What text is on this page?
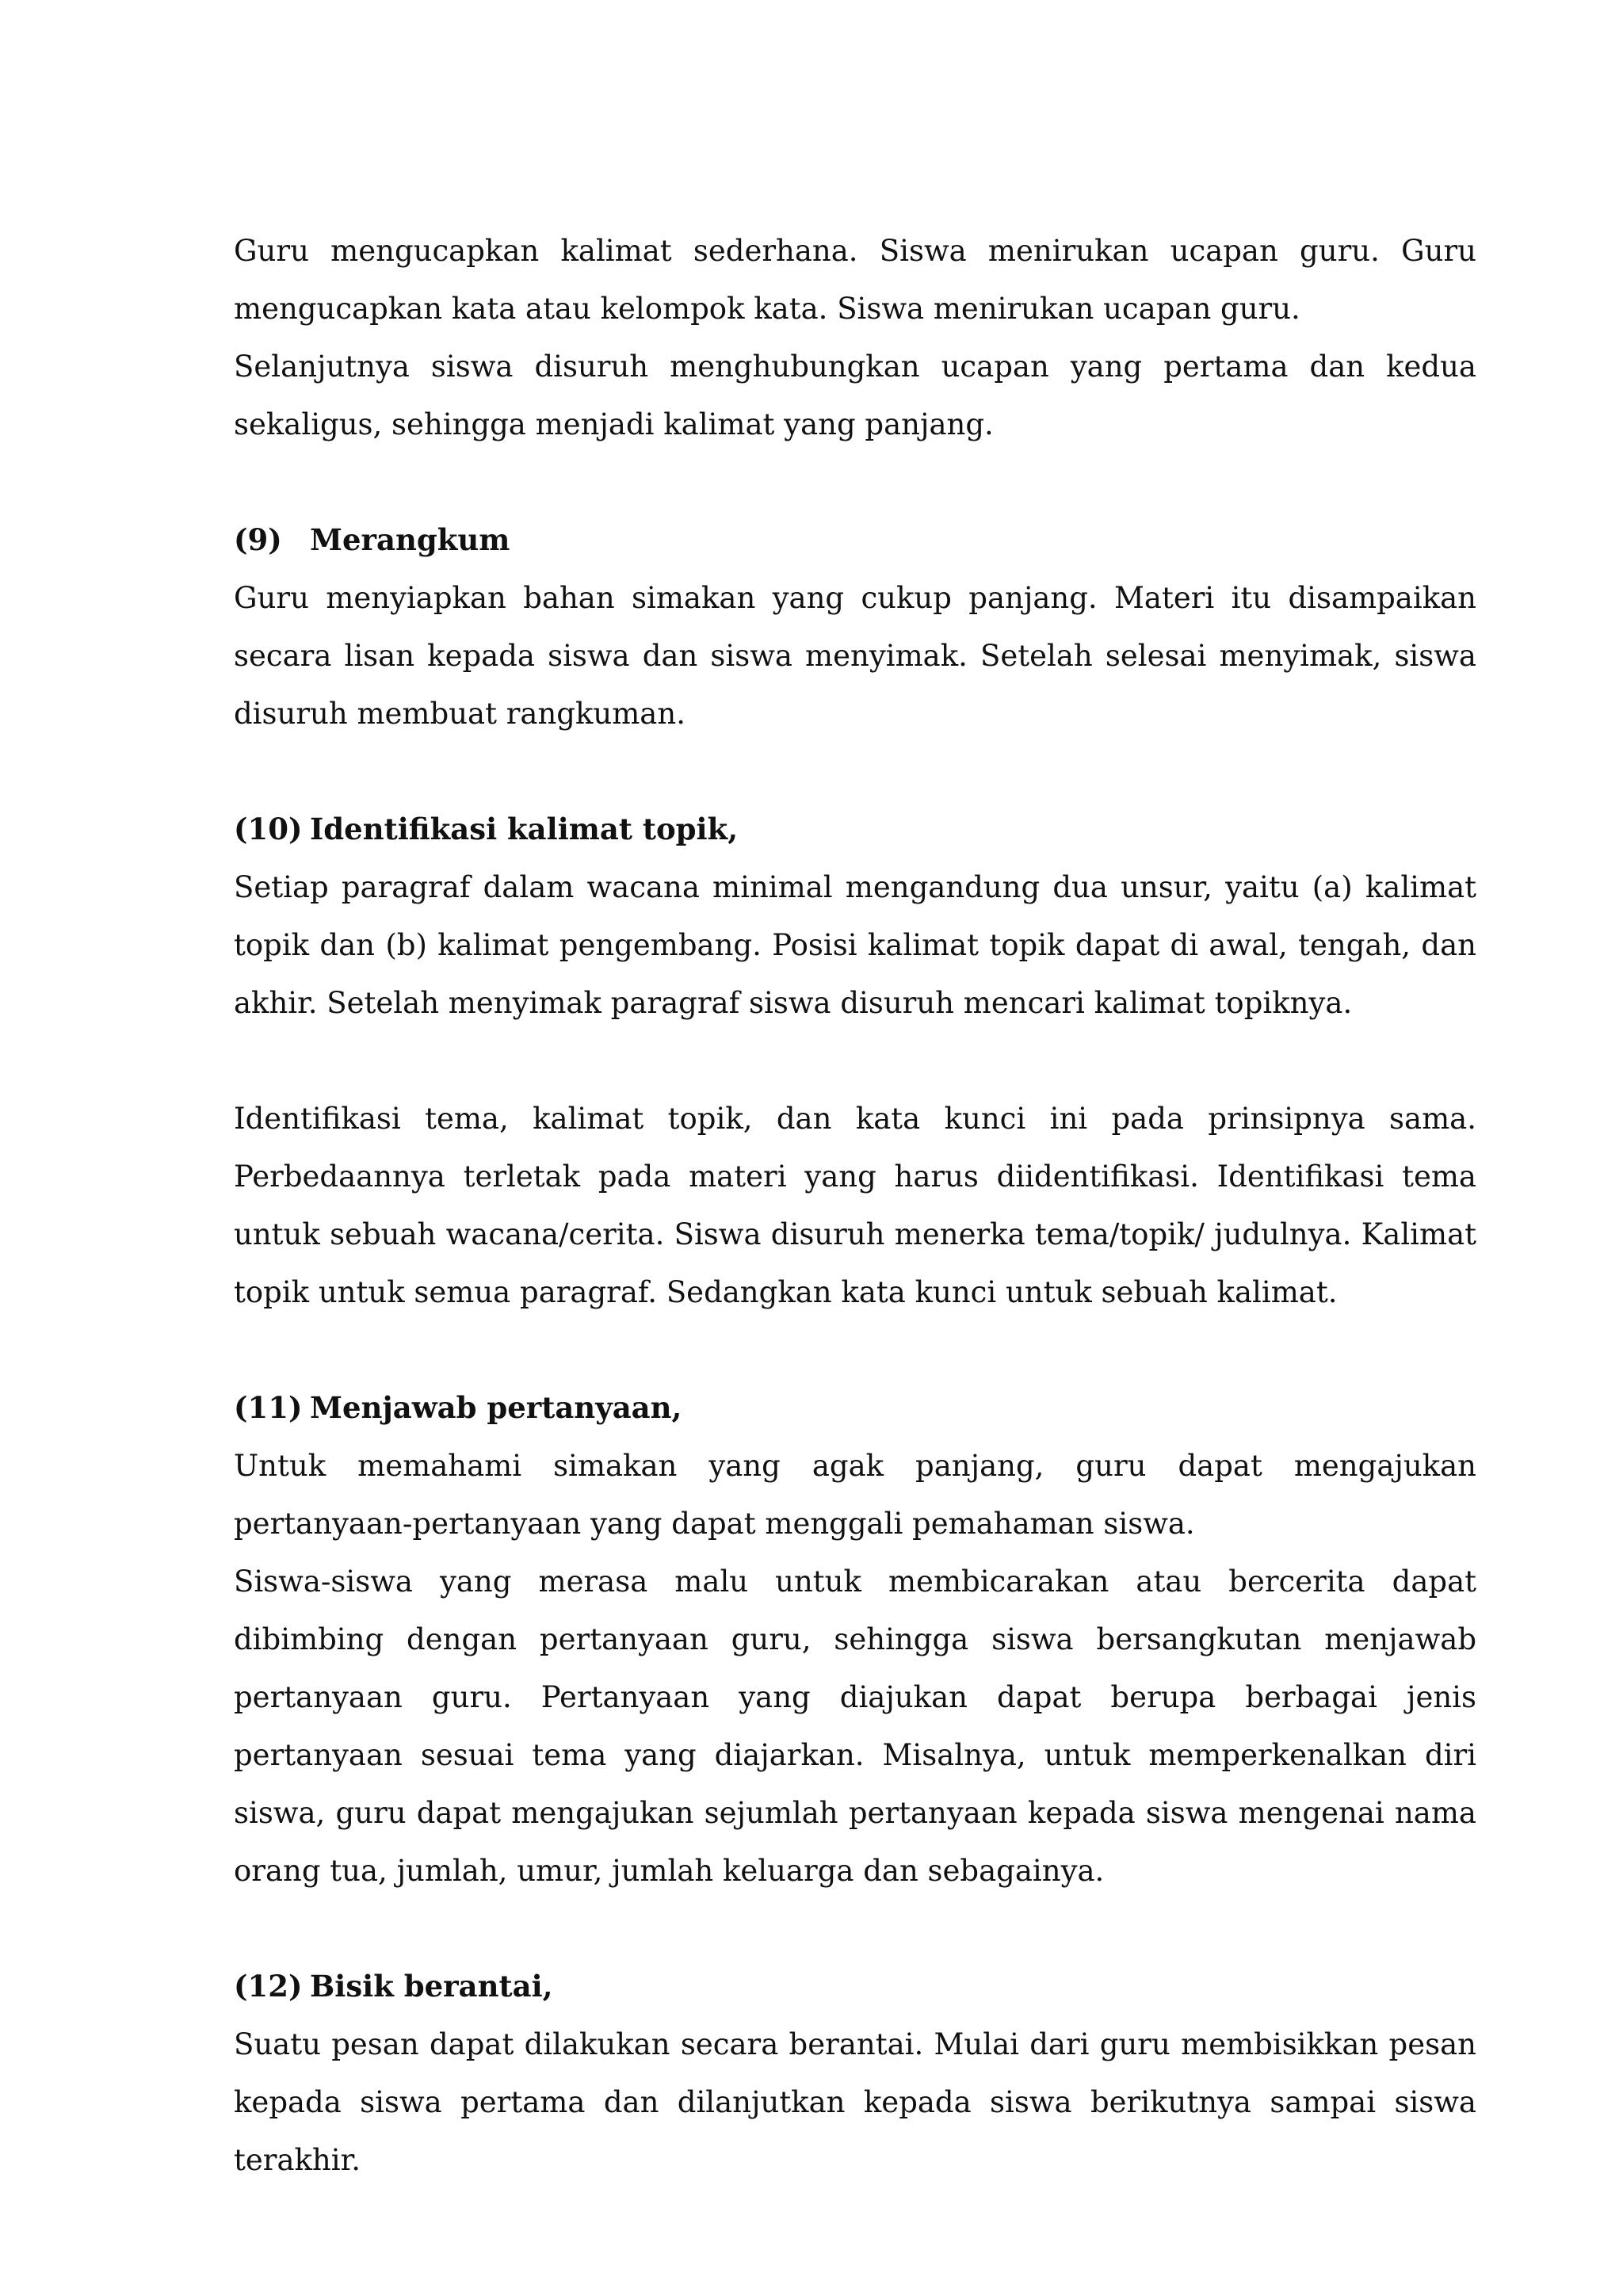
Guru mengucapkan kalimat sederhana. Siswa menirukan ucapan guru. Guru mengucapkan kata atau kelompok kata. Siswa menirukan ucapan guru.

Selanjutnya siswa disuruh menghubungkan ucapan yang pertama dan kedua sekaligus, sehingga menjadi kalimat yang panjang.

(9) Merangkum

Guru menyiapkan bahan simakan yang cukup panjang. Materi itu disampaikan secara lisan kepada siswa dan siswa menyimak. Setelah selesai menyimak, siswa disuruh membuat rangkuman.

(10) Identifikasi kalimat topik,

Setiap paragraf dalam wacana minimal mengandung dua unsur, yaitu (a) kalimat topik dan (b) kalimat pengembang. Posisi kalimat topik dapat di awal, tengah, dan akhir. Setelah menyimak paragraf siswa disuruh mencari kalimat topiknya.

Identifikasi tema, kalimat topik, dan kata kunci ini pada prinsipnya sama. Perbedaannya terletak pada materi yang harus diidentifikasi. Identifikasi tema untuk sebuah wacana/cerita. Siswa disuruh menerka tema/topik/ judulnya. Kalimat topik untuk semua paragraf. Sedangkan kata kunci untuk sebuah kalimat.

(11) Menjawab pertanyaan,

Untuk memahami simakan yang agak panjang, guru dapat mengajukan pertanyaan-pertanyaan yang dapat menggali pemahaman siswa.

Siswa-siswa yang merasa malu untuk membicarakan atau bercerita dapat dibimbing dengan pertanyaan guru, sehingga siswa bersangkutan menjawab pertanyaan guru. Pertanyaan yang diajukan dapat berupa berbagai jenis pertanyaan sesuai tema yang diajarkan. Misalnya, untuk memperkenalkan diri siswa, guru dapat mengajukan sejumlah pertanyaan kepada siswa mengenai nama orang tua, jumlah, umur, jumlah keluarga dan sebagainya.

(12) Bisik berantai,

Suatu pesan dapat dilakukan secara berantai. Mulai dari guru membisikkan pesan kepada siswa pertama dan dilanjutkan kepada siswa berikutnya sampai siswa terakhir.
